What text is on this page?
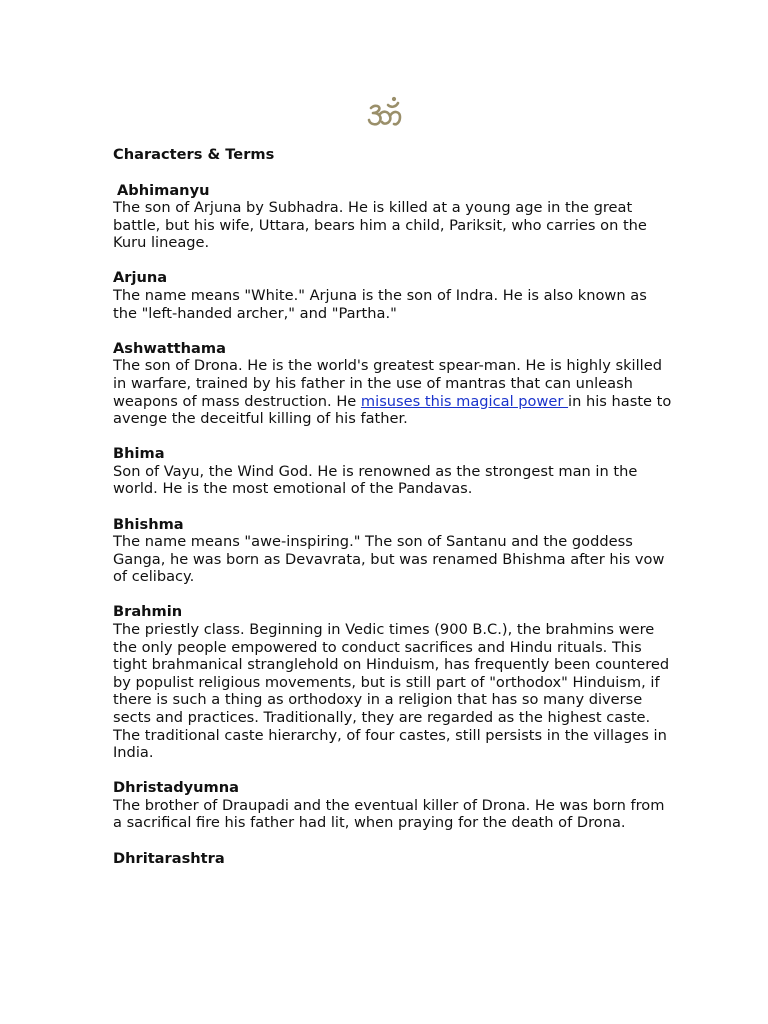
Characters & Terms
Abhimanyu
The son of Arjuna by Subhadra. He is killed at a young age in the great battle, but his wife, Uttara, bears him a child, Pariksit, who carries on the Kuru lineage.
Arjuna
The name means "White." Arjuna is the son of Indra. He is also known as the "left-handed archer," and "Partha."
Ashwatthama
The son of Drona. He is the world's greatest spear-man. He is highly skilled in warfare, trained by his father in the use of mantras that can unleash weapons of mass destruction. He misuses this magical power in his haste to avenge the deceitful killing of his father.
Bhima
Son of Vayu, the Wind God. He is renowned as the strongest man in the world. He is the most emotional of the Pandavas.
Bhishma
The name means "awe-inspiring." The son of Santanu and the goddess Ganga, he was born as Devavrata, but was renamed Bhishma after his vow of celibacy.
Brahmin
The priestly class. Beginning in Vedic times (900 B.C.), the brahmins were the only people empowered to conduct sacrifices and Hindu rituals. This tight brahmanical stranglehold on Hinduism, has frequently been countered by populist religious movements, but is still part of "orthodox" Hinduism, if there is such a thing as orthodoxy in a religion that has so many diverse sects and practices. Traditionally, they are regarded as the highest caste. The traditional caste hierarchy, of four castes, still persists in the villages in India.
Dhristadyumna
The brother of Draupadi and the eventual killer of Drona. He was born from a sacrifical fire his father had lit, when praying for the death of Drona.
Dhritarashtra
